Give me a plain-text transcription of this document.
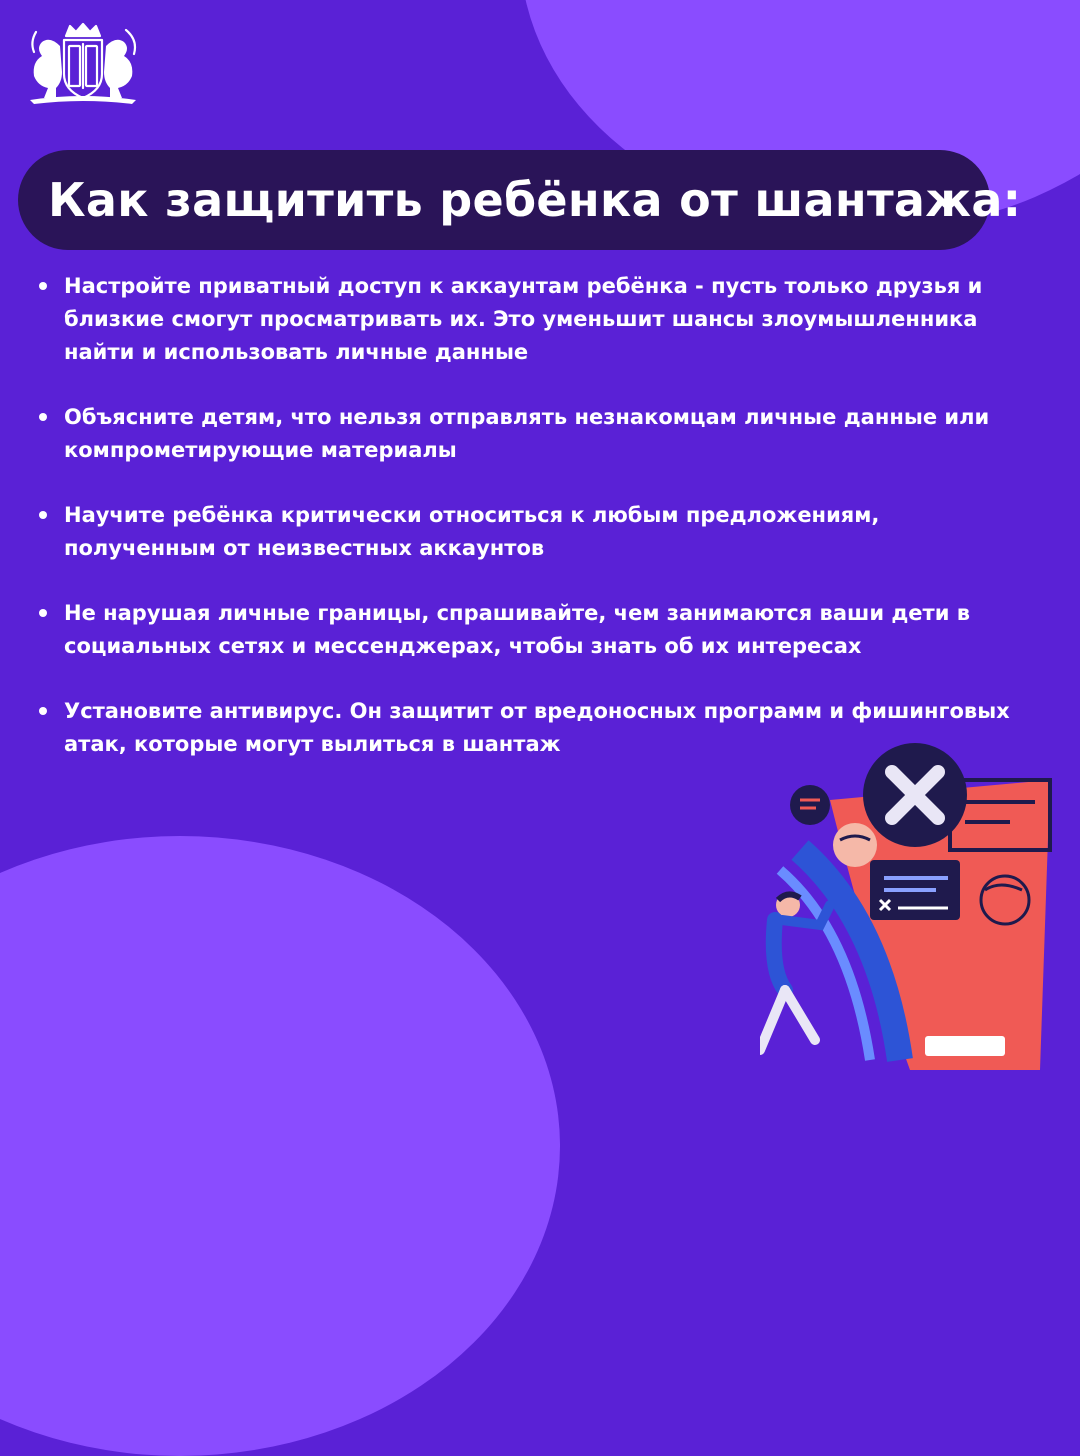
Как защитить ребёнка от шантажа:
Настройте приватный доступ к аккаунтам ребёнка - пусть только друзья и близкие смогут просматривать их. Это уменьшит шансы злоумышленника найти и использовать личные данные
Объясните детям, что нельзя отправлять незнакомцам личные данные или компрометирующие материалы
Научите ребёнка критически относиться к любым предложениям, полученным от неизвестных аккаунтов
Не нарушая личные границы, спрашивайте, чем занимаются ваши дети в социальных сетях и мессенджерах, чтобы знать об их интересах
Установите антивирус. Он защитит от вредоносных программ и фишинговых атак, которые могут вылиться в шантаж
